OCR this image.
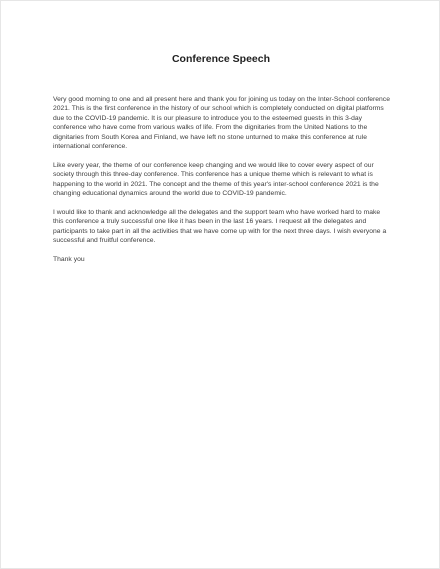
Conference Speech

Very good morning to one and all present here and thank you for joining us today on the Inter-School conference 2021. This is the first conference in the history of our school which is completely conducted on digital platforms due to the COVID-19 pandemic. It is our pleasure to introduce you to the esteemed guests in this 3-day conference who have come from various walks of life. From the dignitaries from the United Nations to the dignitaries from South Korea and Finland, we have left no stone unturned to make this conference at rule international conference.

Like every year, the theme of our conference keep changing and we would like to cover every aspect of our society through this three-day conference. This conference has a unique theme which is relevant to what is happening to the world in 2021. The concept and the theme of this year's inter-school conference 2021 is the changing educational dynamics around the world due to COVID-19 pandemic.

I would like to thank and acknowledge all the delegates and the support team who have worked hard to make this conference a truly successful one like it has been in the last 16 years. I request all the delegates and participants to take part in all the activities that we have come up with for the next three days. I wish everyone a successful and fruitful conference.

Thank you
